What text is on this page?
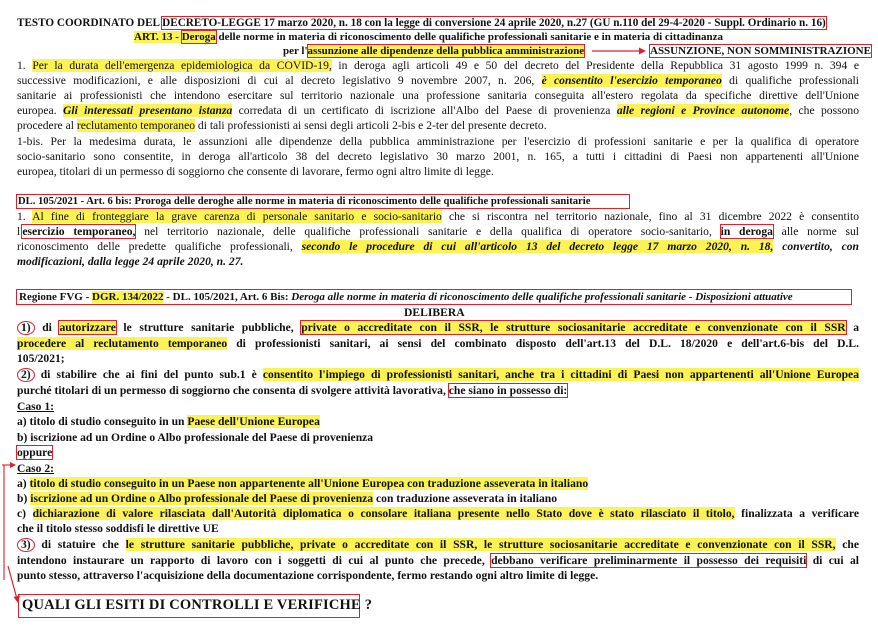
TESTO COORDINATO DEL DECRETO-LEGGE 17 marzo 2020, n. 18 con la legge di conversione 24 aprile 2020, n.27 (GU n.110 del 29-4-2020 - Suppl. Ordinario n. 16)
ART. 13 - Deroga delle norme in materia di riconoscimento delle qualifiche professionali sanitarie e in materia di cittadinanza
per l'assunzione alle dipendenze della pubblica amministrazione	ASSUNZIONE, NON SOMMINISTRAZIONE
1. Per la durata dell'emergenza epidemiologica da COVID-19, in deroga agli articoli 49 e 50 del decreto del Presidente della Repubblica 31 agosto 1999 n. 394 e
successive modificazioni, e alle disposizioni di cui al decreto legislativo 9 novembre 2007, n. 206, è consentito l'esercizio temporaneo di qualifiche professionali
sanitarie ai professionisti che intendono esercitare sul territorio nazionale una professione sanitaria conseguita all'estero regolata da specifiche direttive dell'Unione
europea. Gli interessati presentano istanza corredata di un certificato di iscrizione all'Albo del Paese di provenienza alle regioni e Province autonome, che possono
procedere al reclutamento temporaneo di tali professionisti ai sensi degli articoli 2-bis e 2-ter del presente decreto.
1-bis. Per la medesima durata, le assunzioni alle dipendenze della pubblica amministrazione per l'esercizio di professioni sanitarie e per la qualifica di operatore
socio-sanitario sono consentite, in deroga all'articolo 38 del decreto legislativo 30 marzo 2001, n. 165, a tutti i cittadini di Paesi non appartenenti all'Unione
europea, titolari di un permesso di soggiorno che consente di lavorare, fermo ogni altro limite di legge.
DL. 105/2021 - Art. 6 bis: Proroga delle deroghe alle norme in materia di riconoscimento delle qualifiche professionali sanitarie
1. Al fine di fronteggiare la grave carenza di personale sanitario e socio-sanitario che si riscontra nel territorio nazionale, fino al 31 dicembre 2022 è consentito
l'esercizio temporaneo, nel territorio nazionale, delle qualifiche professionali sanitarie e della qualifica di operatore socio-sanitario, in deroga alle norme sul
riconoscimento delle predette qualifiche professionali, secondo le procedure di cui all'articolo 13 del decreto legge 17 marzo 2020, n. 18, convertito, con
modificazioni, dalla legge 24 aprile 2020, n. 27.
Regione FVG - DGR. 134/2022 - DL. 105/2021, Art. 6 Bis: Deroga alle norme in materia di riconoscimento delle qualifiche professionali sanitarie - Disposizioni attuative
DELIBERA
1) di autorizzare le strutture sanitarie pubbliche, private o accreditate con il SSR, le strutture sociosanitarie accreditate e convenzionate con il SSR a
procedere al reclutamento temporaneo di professionisti sanitari, ai sensi del combinato disposto dell'art.13 del D.L. 18/2020 e dell'art.6-bis del D.L.
105/2021;
2) di stabilire che ai fini del punto sub.1 è consentito l'impiego di professionisti sanitari, anche tra i cittadini di Paesi non appartenenti all'Unione Europea
purché titolari di un permesso di soggiorno che consenta di svolgere attività lavorativa, che siano in possesso di:
Caso 1:
a) titolo di studio conseguito in un Paese dell'Unione Europea
b) iscrizione ad un Ordine o Albo professionale del Paese di provenienza
oppure
Caso 2:
a) titolo di studio conseguito in un Paese non appartenente all'Unione Europea con traduzione asseverata in italiano
b) iscrizione ad un Ordine o Albo professionale del Paese di provenienza con traduzione asseverata in italiano
c) dichiarazione di valore rilasciata dall'Autorità diplomatica o consolare italiana presente nello Stato dove è stato rilasciato il titolo, finalizzata a verificare
che il titolo stesso soddisfi le direttive UE
3) di statuire che le strutture sanitarie pubbliche, private o accreditate con il SSR, le strutture sociosanitarie accreditate e convenzionate con il SSR, che
intendono instaurare un rapporto di lavoro con i soggetti di cui al punto che precede, debbano verificare preliminarmente il possesso dei requisiti di cui al
punto stesso, attraverso l'acquisizione della documentazione corrispondente, fermo restando ogni altro limite di legge.
QUALI GLI ESITI DI CONTROLLI E VERIFICHE ?
